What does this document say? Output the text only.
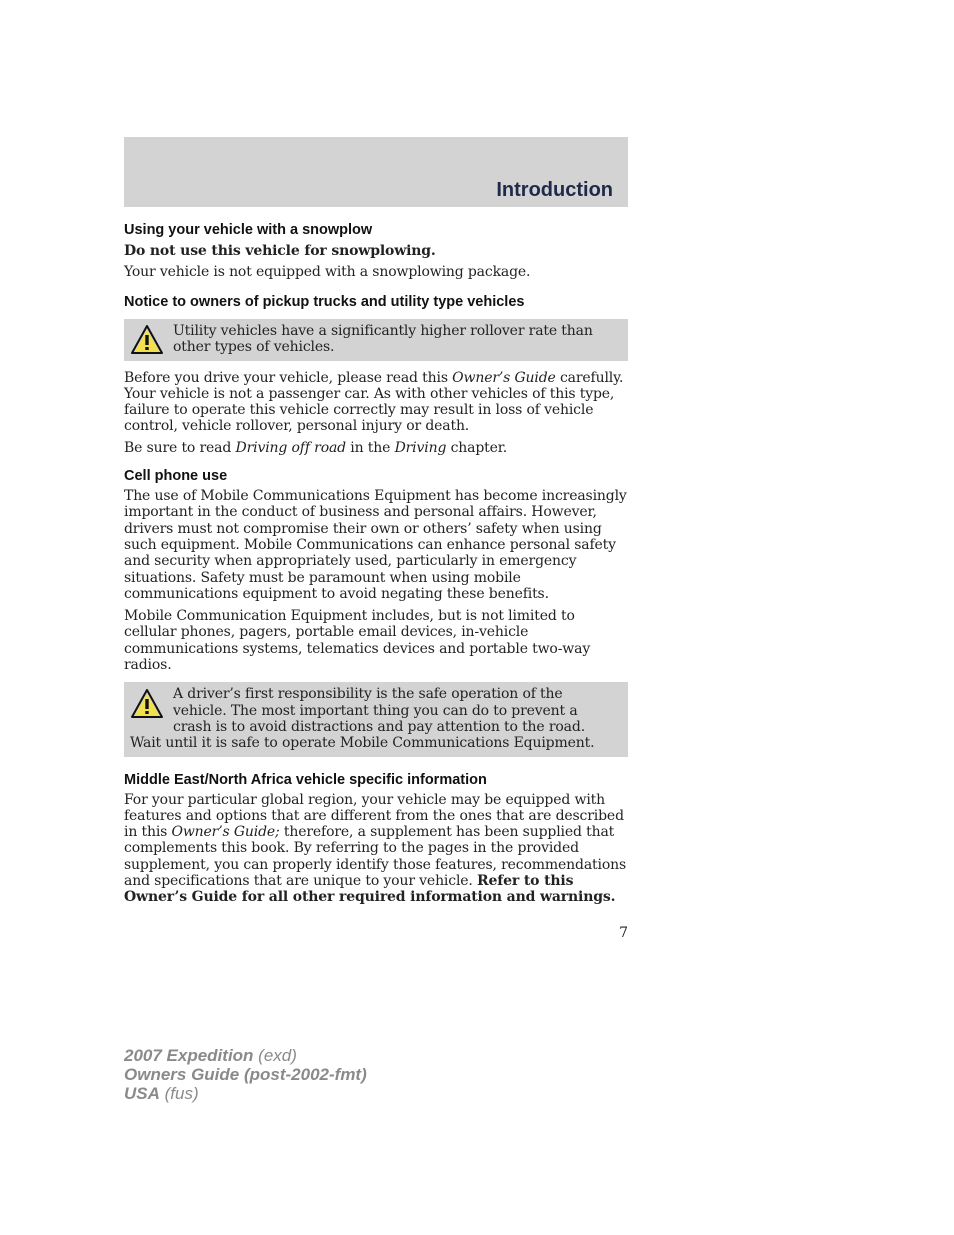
Introduction
Using your vehicle with a snowplow

Do not use this vehicle for snowplowing.

Your vehicle is not equipped with a snowplowing package.

Notice to owners of pickup trucks and utility type vehicles

Utility vehicles have a significantly higher rollover rate than other types of vehicles.

Before you drive your vehicle, please read this Owner’s Guide carefully. Your vehicle is not a passenger car. As with other vehicles of this type, failure to operate this vehicle correctly may result in loss of vehicle control, vehicle rollover, personal injury or death.

Be sure to read Driving off road in the Driving chapter.

Cell phone use

The use of Mobile Communications Equipment has become increasingly important in the conduct of business and personal affairs. However, drivers must not compromise their own or others’ safety when using such equipment. Mobile Communications can enhance personal safety and security when appropriately used, particularly in emergency situations. Safety must be paramount when using mobile communications equipment to avoid negating these benefits.

Mobile Communication Equipment includes, but is not limited to cellular phones, pagers, portable email devices, in-vehicle communications systems, telematics devices and portable two-way radios.

A driver’s first responsibility is the safe operation of the vehicle. The most important thing you can do to prevent a crash is to avoid distractions and pay attention to the road. Wait until it is safe to operate Mobile Communications Equipment.

Middle East/North Africa vehicle specific information

For your particular global region, your vehicle may be equipped with features and options that are different from the ones that are described in this Owner’s Guide; therefore, a supplement has been supplied that complements this book. By referring to the pages in the provided supplement, you can properly identify those features, recommendations and specifications that are unique to your vehicle. Refer to this Owner’s Guide for all other required information and warnings.

7
2007 Expedition (exd)
Owners Guide (post-2002-fmt)
USA (fus)
